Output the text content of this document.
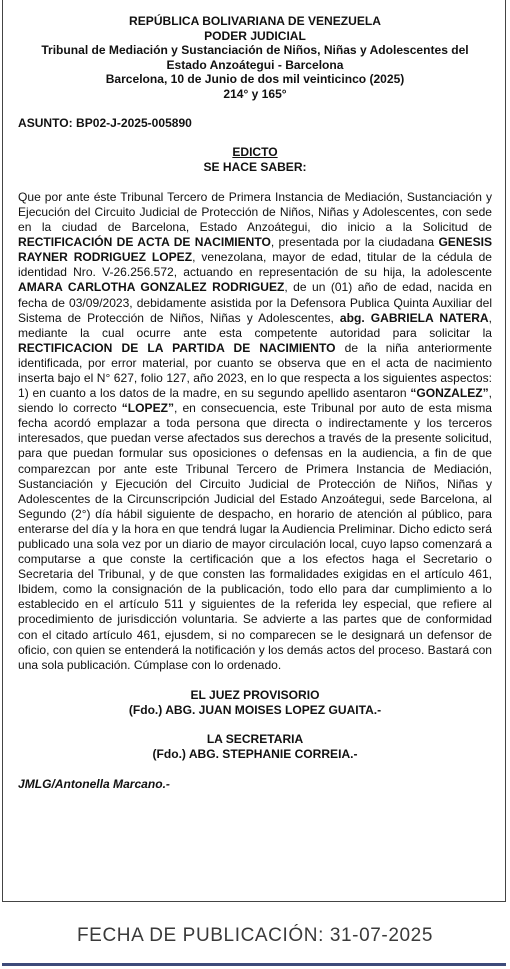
REPÚBLICA BOLIVARIANA DE VENEZUELA
PODER JUDICIAL
Tribunal de Mediación y Sustanciación de Niños, Niñas y Adolescentes del
Estado Anzoátegui - Barcelona
Barcelona, 10 de Junio de dos mil veinticinco (2025)
214° y 165°
ASUNTO: BP02-J-2025-005890
EDICTO
SE HACE SABER:
Que por ante éste Tribunal Tercero de Primera Instancia de Mediación, Sustanciación y Ejecución del Circuito Judicial de Protección de Niños, Niñas y Adolescentes, con sede en la ciudad de Barcelona, Estado Anzoátegui, dio inicio a la Solicitud de RECTIFICACIÓN DE ACTA DE NACIMIENTO, presentada por la ciudadana GENESIS RAYNER RODRIGUEZ LOPEZ, venezolana, mayor de edad, titular de la cédula de identidad Nro. V-26.256.572, actuando en representación de su hija, la adolescente AMARA CARLOTHA GONZALEZ RODRIGUEZ, de un (01) año de edad, nacida en fecha de 03/09/2023, debidamente asistida por la Defensora Publica Quinta Auxiliar del Sistema de Protección de Niños, Niñas y Adolescentes, abg. GABRIELA NATERA, mediante la cual ocurre ante esta competente autoridad para solicitar la RECTIFICACION DE LA PARTIDA DE NACIMIENTO de la niña anteriormente identificada, por error material, por cuanto se observa que en el acta de nacimiento inserta bajo el N° 627, folio 127, año 2023, en lo que respecta a los siguientes aspectos: 1) en cuanto a los datos de la madre, en su segundo apellido asentaron “GONZALEZ”, siendo lo correcto “LOPEZ”, en consecuencia, este Tribunal por auto de esta misma fecha acordó emplazar a toda persona que directa o indirectamente y los terceros interesados, que puedan verse afectados sus derechos a través de la presente solicitud, para que puedan formular sus oposiciones o defensas en la audiencia, a fin de que comparezcan por ante este Tribunal Tercero de Primera Instancia de Mediación, Sustanciación y Ejecución del Circuito Judicial de Protección de Niños, Niñas y Adolescentes de la Circunscripción Judicial del Estado Anzoátegui, sede Barcelona, al Segundo (2°) día hábil siguiente de despacho, en horario de atención al público, para enterarse del día y la hora en que tendrá lugar la Audiencia Preliminar. Dicho edicto será publicado una sola vez por un diario de mayor circulación local, cuyo lapso comenzará a computarse a que conste la certificación que a los efectos haga el Secretario o Secretaria del Tribunal, y de que consten las formalidades exigidas en el artículo 461, Ibidem, como la consignación de la publicación, todo ello para dar cumplimiento a lo establecido en el artículo 511 y siguientes de la referida ley especial, que refiere al procedimiento de jurisdicción voluntaria. Se advierte a las partes que de conformidad con el citado artículo 461, ejusdem, si no comparecen se le designará un defensor de oficio, con quien se entenderá la notificación y los demás actos del proceso. Bastará con una sola publicación. Cúmplase con lo ordenado.
EL JUEZ PROVISORIO
(Fdo.) ABG. JUAN MOISES LOPEZ GUAITA.-
LA SECRETARIA
(Fdo.) ABG. STEPHANIE CORREIA.-
JMLG/Antonella Marcano.-
FECHA DE PUBLICACIÓN: 31-07-2025
